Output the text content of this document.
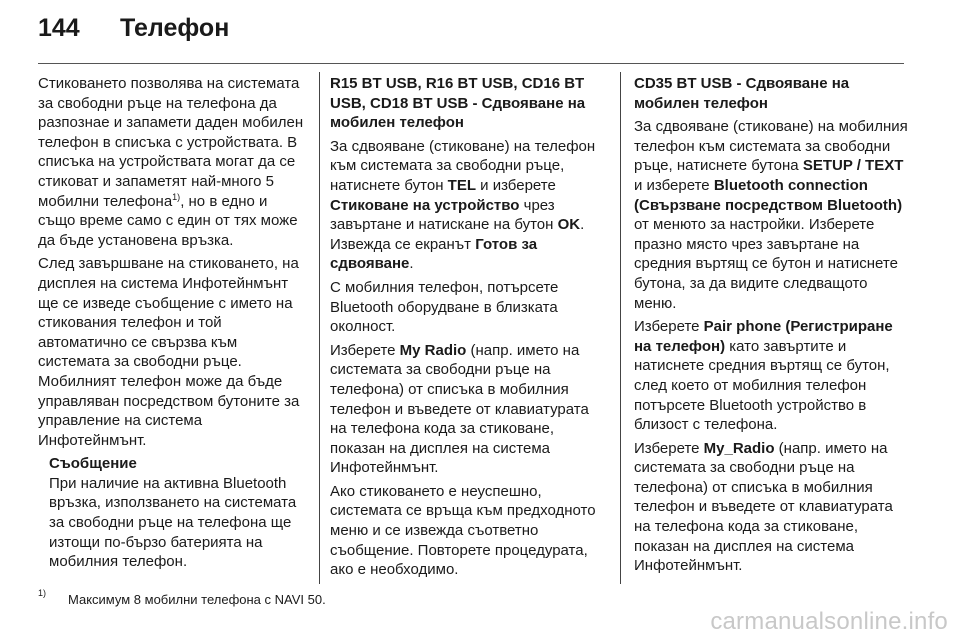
144	Телефон

Стиковането позволява на системата за свободни ръце на телефона да разпознае и запамети даден мобилен телефон в списъка с устройствата. В списъка на устройствата могат да се стиковат и запаметят най-много 5 мобилни телефона$^{1)}$, но в едно и също време само с един от тях може да бъде установена връзка.

След завършване на стиковането, на дисплея на система Инфотейнмънт ще се изведе съобщение с името на стикования телефон и той автоматично се свързва към системата за свободни ръце. Мобилният телефон може да бъде управляван посредством бутоните за управление на система Инфотейнмънт.

Съобщение

При наличие на активна Bluetooth връзка, използването на системата за свободни ръце на телефона ще изтощи по-бързо батерията на мобилния телефон.

R15 BT USB, R16 BT USB, CD16 BT USB, CD18 BT USB - Сдвояване на мобилен телефон

За сдвояване (стиковане) на телефон към системата за свободни ръце, натиснете бутон TEL и изберете Стиковане на устройство чрез завъртане и натискане на бутон OK. Извежда се екранът Готов за сдвояване.

С мобилния телефон, потърсете Bluetooth оборудване в близката околност.

Изберете My Radio (напр. името на системата за свободни ръце на телефона) от списъка в мобилния телефон и въведете от клавиатурата на телефона кода за стиковане, показан на дисплея на система Инфотейнмънт.

Ако стиковането е неуспешно, системата се връща към предходното меню и се извежда съответно съобщение. Повторете процедурата, ако е необходимо.

CD35 BT USB - Сдвояване на мобилен телефон

За сдвояване (стиковане) на мобилния телефон към системата за свободни ръце, натиснете бутона SETUP / TEXT и изберете Bluetooth connection (Свързване посредством Bluetooth) от менюто за настройки. Изберете празно място чрез завъртане на средния въртящ се бутон и натиснете бутона, за да видите следващото меню.

Изберете Pair phone (Регистриране на телефон) като завъртите и натиснете средния въртящ се бутон, след което от мобилния телефон потърсете Bluetooth устройство в близост с телефона.

Изберете My_Radio (напр. името на системата за свободни ръце на телефона) от списъка в мобилния телефон и въведете от клавиатурата на телефона кода за стиковане, показан на дисплея на система Инфотейнмънт.

1)	Максимум 8 мобилни телефона с NAVI 50.
carmanualsonline.info
